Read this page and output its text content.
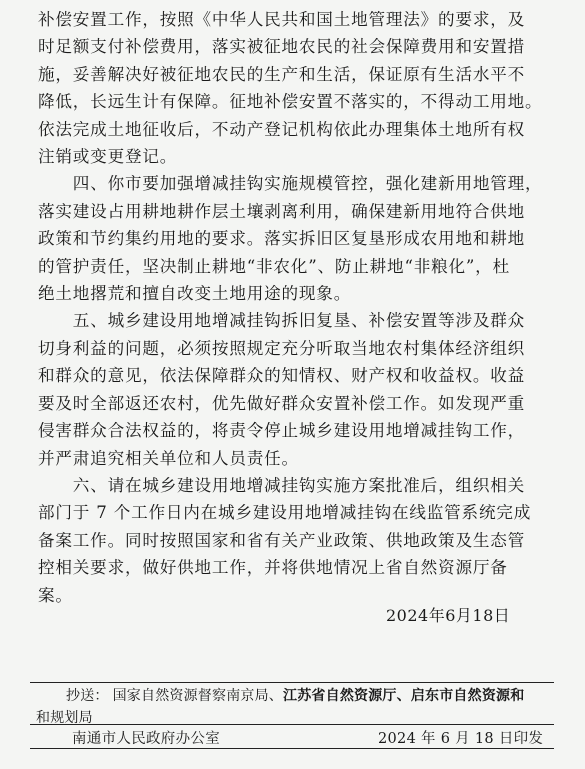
补偿安置工作，按照《中华人民共和国土地管理法》的要求，及
时足额支付补偿费用，落实被征地农民的社会保障费用和安置措
施，妥善解决好被征地农民的生产和生活，保证原有生活水平不
降低，长远生计有保障。征地补偿安置不落实的，不得动工用地。
依法完成土地征收后，不动产登记机构依此办理集体土地所有权
注销或变更登记。

　　四、你市要加强增减挂钩实施规模管控，强化建新用地管理，
落实建设占用耕地耕作层土壤剥离利用，确保建新用地符合供地
政策和节约集约用地的要求。落实拆旧区复垦形成农用地和耕地
的管护责任，坚决制止耕地“非农化”、防止耕地“非粮化”，杜
绝土地撂荒和擅自改变土地用途的现象。

　　五、城乡建设用地增减挂钩拆旧复垦、补偿安置等涉及群众
切身利益的问题，必须按照规定充分听取当地农村集体经济组织
和群众的意见，依法保障群众的知情权、财产权和收益权。收益
要及时全部返还农村，优先做好群众安置补偿工作。如发现严重
侵害群众合法权益的，将责令停止城乡建设用地增减挂钩工作，
并严肃追究相关单位和人员责任。

　　六、请在城乡建设用地增减挂钩实施方案批准后，组织相关
部门于 7 个工作日内在城乡建设用地增减挂钩在线监管系统完成
备案工作。同时按照国家和省有关产业政策、供地政策及生态管
控相关要求，做好供地工作，并将供地情况上省自然资源厅备
案。

2024年6月18日
抄送： 国家自然资源督察南京局、江苏省自然资源厅、启东市自然资源和
和规划局
南通市人民政府办公室	2024 年 6 月 18 日印发
